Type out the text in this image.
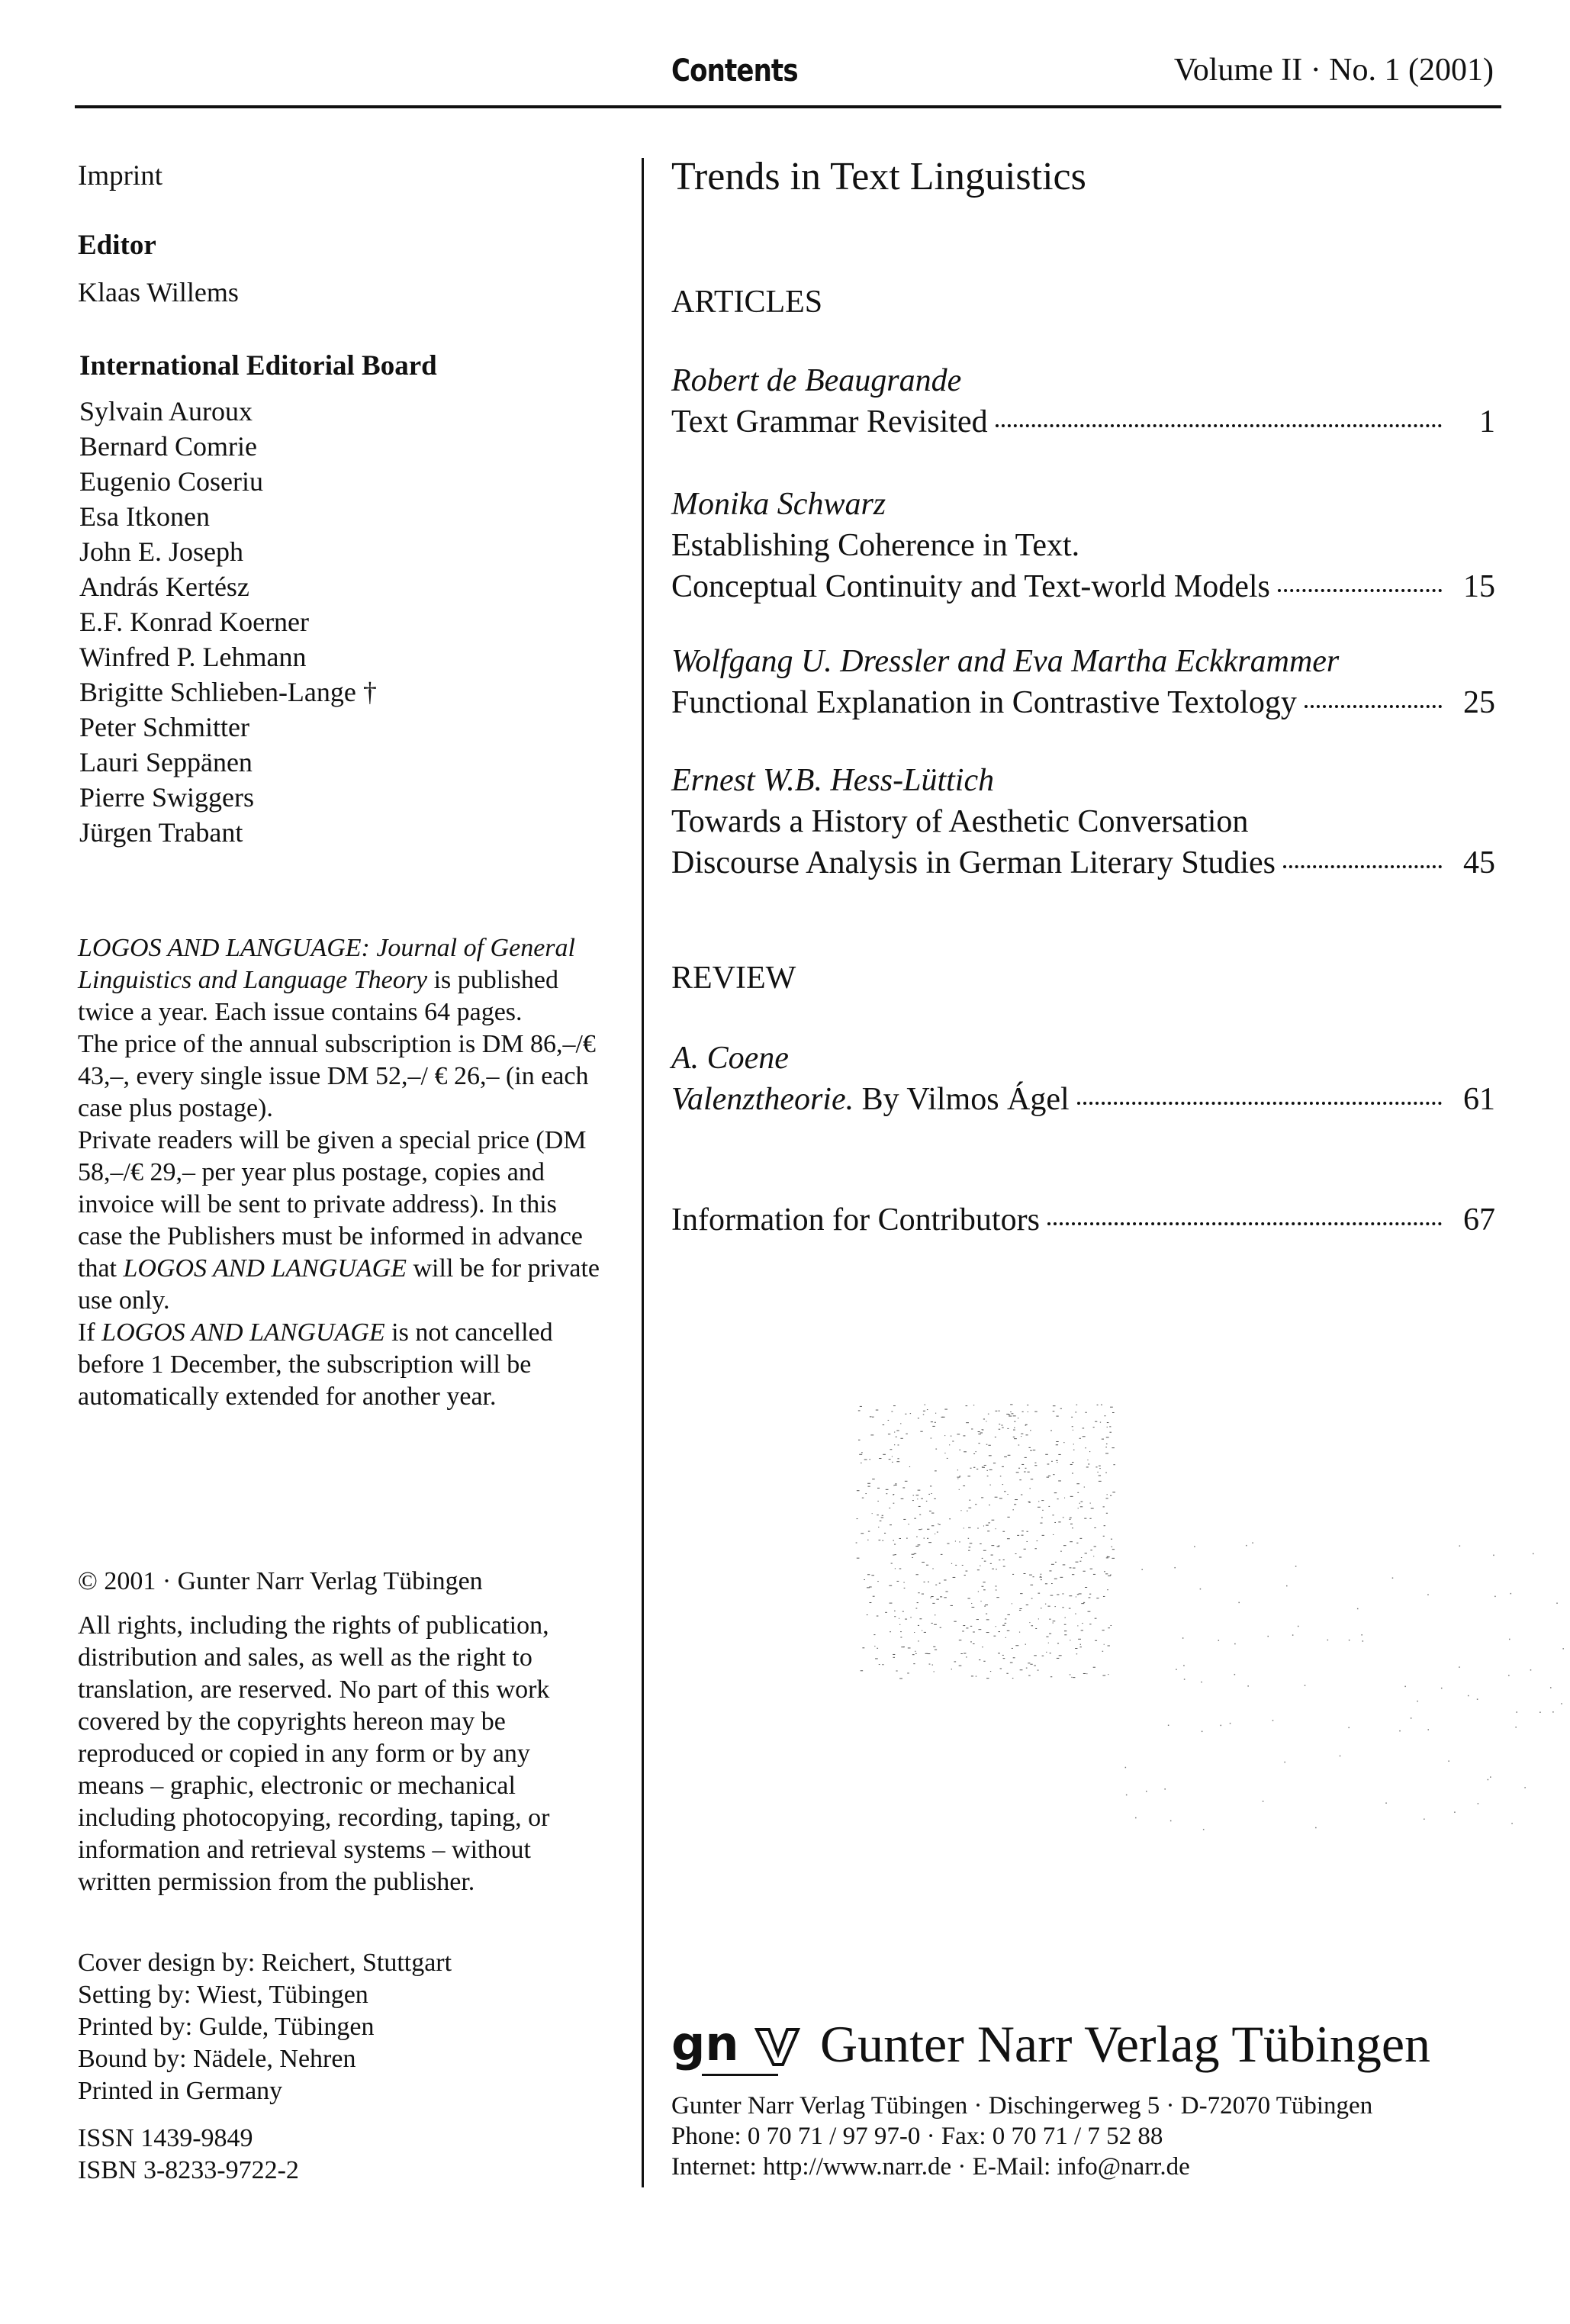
Contents	Volume II · No. 1 (2001)
Imprint
Editor
Klaas Willems
International Editorial Board
Sylvain Auroux
Bernard Comrie
Eugenio Coseriu
Esa Itkonen
John E. Joseph
András Kertész
E.F. Konrad Koerner
Winfred P. Lehmann
Brigitte Schlieben-Lange †
Peter Schmitter
Lauri Seppänen
Pierre Swiggers
Jürgen Trabant

LOGOS AND LANGUAGE: Journal of General Linguistics and Language Theory is published twice a year. Each issue contains 64 pages.

The price of the annual subscription is DM 86,–/€ 43,–, every single issue DM 52,–/ € 26,– (in each case plus postage).

Private readers will be given a special price (DM 58,–/€ 29,– per year plus postage, copies and invoice will be sent to private address). In this case the Publishers must be informed in advance that LOGOS AND LANGUAGE will be for private use only.

If LOGOS AND LANGUAGE is not cancelled before 1 December, the subscription will be automatically extended for another year.

© 2001 · Gunter Narr Verlag Tübingen
All rights, including the rights of publication, distribution and sales, as well as the right to translation, are reserved. No part of this work covered by the copyrights hereon may be reproduced or copied in any form or by any means – graphic, electronic or mechanical including photocopying, recording, taping, or information and retrieval systems – without written permission from the publisher.

Cover design by: Reichert, Stuttgart

Setting by: Wiest, Tübingen

Printed by: Gulde, Tübingen

Bound by: Nädele, Nehren

Printed in Germany

ISSN 1439-9849
ISBN 3-8233-9722-2
Trends in Text Linguistics
ARTICLES
Robert de Beaugrande
Text Grammar Revisited	1
Monika Schwarz
Establishing Coherence in Text.
Conceptual Continuity and Text-world Models	15
Wolfgang U. Dressler and Eva Martha Eckkrammer
Functional Explanation in Contrastive Textology	25
Ernest W.B. Hess-Lüttich
Towards a History of Aesthetic Conversation
Discourse Analysis in German Literary Studies	45
REVIEW
A. Coene
Valenztheorie. By Vilmos Ágel	61
Information for Contributors	67
gn Gunter Narr Verlag Tübingen
Gunter Narr Verlag Tübingen · Dischingerweg 5 · D-72070 Tübingen
Phone: 0 70 71 / 97 97-0 · Fax: 0 70 71 / 7 52 88
Internet: http://www.narr.de · E-Mail: info@narr.de
